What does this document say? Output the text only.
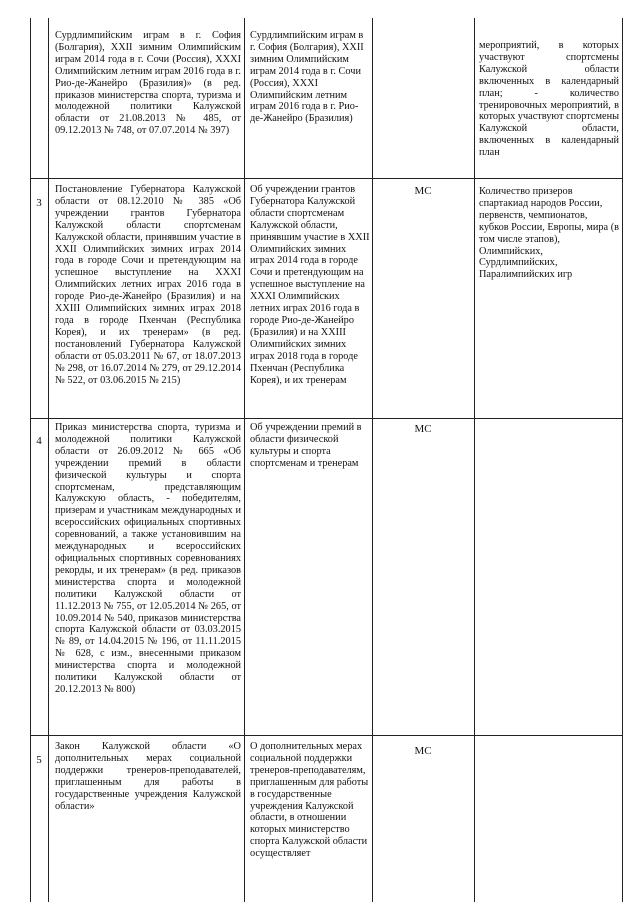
Сурдлимпийским играм в г. София (Болгария), XXII зимним Олимпийским играм 2014 года в г. Сочи (Россия), XXXI Олимпийским летним играм 2016 года в г. Рио-де-Жанейро (Бразилия)» (в ред. приказов министерства спорта, туризма и молодежной политики Калужской области от 21.08.2013 № 485, от 09.12.2013 № 748, от 07.07.2014 № 397)
Сурдлимпийским играм в г. София (Болгария), XXII зимним Олимпийским играм 2014 года в г. Сочи (Россия), XXXI Олимпийским летним играм 2016 года в г. Рио-де-Жанейро (Бразилия)
мероприятий, в которых участвуют спортсмены Калужской области включенных в календарный план; - количество тренировочных мероприятий, в которых участвуют спортсмены Калужской области, включенных в календарный план
3
Постановление Губернатора Калужской области от 08.12.2010 № 385 «Об учреждении грантов Губернатора Калужской области спортсменам Калужской области, принявшим участие в XXII Олимпийских зимних играх 2014 года в городе Сочи и претендующим на успешное выступление на XXXI Олимпийских летних играх 2016 года в городе Рио-де-Жанейро (Бразилия) и на XXIII Олимпийских зимних играх 2018 года в городе Пхенчан (Республика Корея), и их тренерам» (в ред. постановлений Губернатора Калужской области от 05.03.2011 № 67, от 18.07.2013 № 298, от 16.07.2014 № 279, от 29.12.2014 № 522, от 03.06.2015 № 215)
Об учреждении грантов Губернатора Калужской области спортсменам Калужской области, принявшим участие в XXII Олимпийских зимних играх 2014 года в городе Сочи и претендующим на успешное выступление на XXXI Олимпийских летних играх 2016 года в городе Рио-де-Жанейро (Бразилия) и на XXIII Олимпийских зимних играх 2018 года в городе Пхенчан (Республика Корея), и их тренерам
МС	Количество призеров спартакиад народов России, первенств, чемпионатов, кубков России, Европы, мира (в том числе этапов), Олимпийских, Сурдлимпийских, Паралимпийских игр
4
Приказ министерства спорта, туризма и молодежной политики Калужской области от 26.09.2012 № 665 «Об учреждении премий в области физической культуры и спорта спортсменам, представляющим Калужскую область, - победителям, призерам и участникам международных и всероссийских официальных спортивных соревнований, а также установившим на международных и всероссийских официальных спортивных соревнованиях рекорды, и их тренерам» (в ред. приказов министерства спорта и молодежной политики Калужской области от 11.12.2013 № 755, от 12.05.2014 № 265, от 10.09.2014 № 540, приказов министерства спорта Калужской области от 03.03.2015 № 89, от 14.04.2015 № 196, от 11.11.2015 № 628, с изм., внесенными приказом министерства спорта и молодежной политики Калужской области от 20.12.2013 № 800)
Об учреждении премий в области физической культуры и спорта спортсменам и тренерам
МС
5
Закон Калужской области «О дополнительных мерах социальной поддержки тренеров-преподавателей, приглашенным для работы в государственные учреждения Калужской области»
О дополнительных мерах социальной поддержки тренеров-преподавателям, приглашенным для работы в государственные учреждения Калужской области, в отношении которых министерство спорта Калужской области осуществляет
МС
